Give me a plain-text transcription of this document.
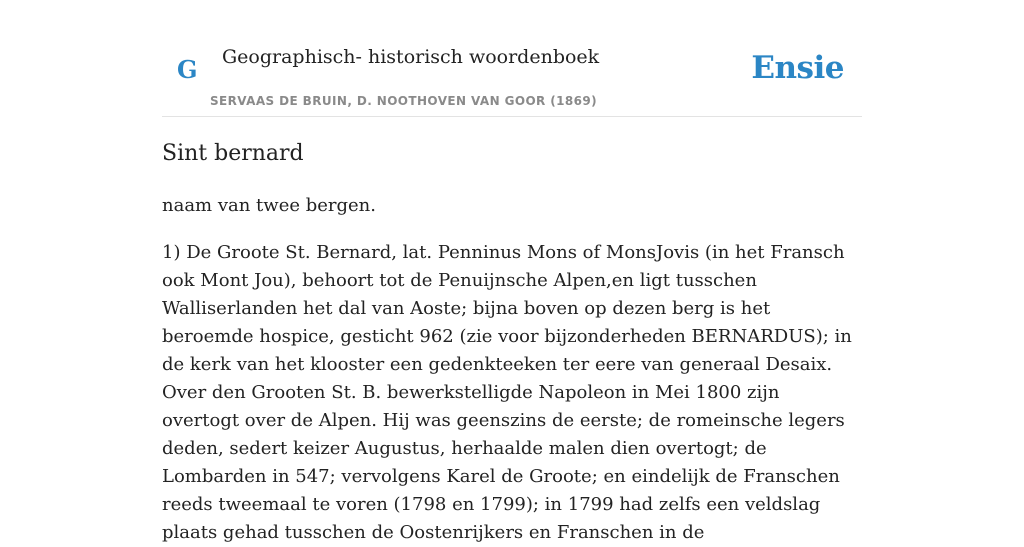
G Geographisch- historisch woordenboek
SERVAAS DE BRUIN, D. NOOTHOVEN VAN GOOR (1869)
Ensie
Sint bernard

naam van twee bergen.

1) De Groote St. Bernard, lat. Penninus Mons of MonsJovis (in het Fransch ook Mont Jou), behoort tot de Penuijnsche Alpen,en ligt tusschen Walliserlanden het dal van Aoste; bijna boven op dezen berg is het beroemde hospice, gesticht 962 (zie voor bijzonderheden BERNARDUS); in de kerk van het klooster een gedenkteeken ter eere van generaal Desaix. Over den Grooten St. B. bewerkstelligde Napoleon in Mei 1800 zijn overtogt over de Alpen. Hij was geenszins de eerste; de romeinsche legers deden, sedert keizer Augustus, herhaalde malen dien overtogt; de Lombarden in 547; vervolgens Karel de Groote; en eindelijk de Franschen reeds tweemaal te voren (1798 en 1799); in 1799 had zelfs een veldslag plaats gehad tusschen de Oostenrijkers en Franschen in de
